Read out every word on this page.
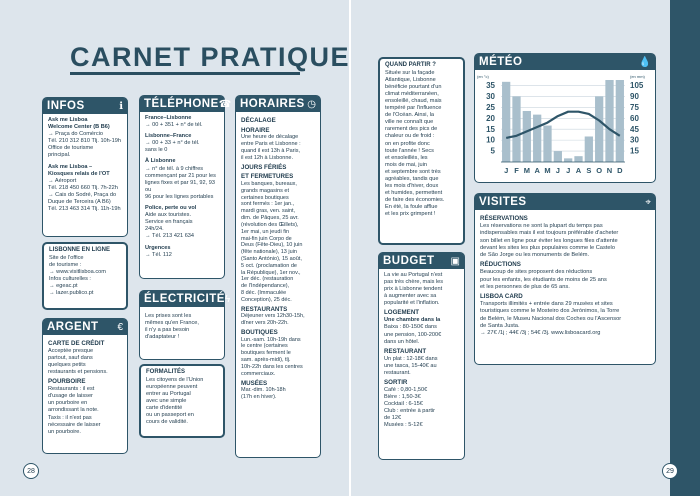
CARNET PRATIQUE
INFOS	ℹ
Ask me Lisboa
Welcome Center (B B6)
→ Praça do Comércio
Tél. 210 312 810 Tlj. 10h-19h
Office de tourisme
principal.
Ask me Lisboa –
Kiosques relais de l'OT
→ Aéroport
Tél. 218 450 660 Tlj. 7h-22h
→ Cais do Sodré, Praça do
Duque de Terceira (A B6)
Tél. 213 463 314 Tlj. 11h-19h
LISBONNE EN LIGNE
Site de l'office
de tourisme :
→ www.visitlisboa.com
Infos culturelles :
→ egeac.pt
→ lazer.publico.pt
ARGENT €
CARTE DE CRÉDIT
Acceptée presque
partout, sauf dans
quelques petits
restaurants et pensions.
POURBOIRE
Restaurants : il est
d'usage de laisser
un pourboire en
arrondissant la note.
Taxis : il n'est pas
nécessaire de laisser
un pourboire.
TÉLÉPHONE ☎
France–Lisbonne
→ 00 + 351 + n° de tél.
Lisbonne–France
→ 00 + 33 + n° de tél.
sans le 0
À Lisbonne
→ n° de tél. à 9 chiffres
commençant par 21 pour les
lignes fixes et par 91, 92, 93 ou
96 pour les lignes portables
Police, perte ou vol
Aide aux touristes.
Service en français
24h/24.
→ Tél. 213 421 634
Urgences
→ Tél. 112
ÉLECTRICITÉ ϟ
Les prises sont les
mêmes qu'en France,
il n'y a pas besoin
d'adaptateur !
FORMALITÉS
Les citoyens de l'Union
européenne peuvent
entrer au Portugal
avec une simple
carte d'identité
ou un passeport en
cours de validité.
HORAIRES ◷
DÉCALAGE
HORAIRE
Une heure de décalage
entre Paris et Lisbonne :
quand il est 13h à Paris,
il est 12h à Lisbonne.
JOURS FÉRIÉS
ET FERMETURES
Les banques, bureaux,
grands magasins et
certaines boutiques
sont fermés : 1er jan.,
mardi gras, ven. saint,
dim. de Pâques, 25 avr.
(révolution des Œillets),
1er mai, un jeudi fin
mai-fin juin Corpo de
Deus (Fête-Dieu), 10 juin
(fête nationale), 13 juin
(Santo António), 15 août,
5 oct. (proclamation de
la République), 1er nov.,
1er déc. (restauration
de l'Indépendance),
8 déc. (Immaculée
Conception), 25 déc.
RESTAURANTS
Déjeuner vers 12h30-15h,
dîner vers 20h-22h.
BOUTIQUES
Lun.-sam. 10h-19h dans
le centre (certaines
boutiques ferment le
sam. après-midi), tlj.
10h-22h dans les centres
commerciaux.
MUSÉES
Mar.-dim. 10h-18h
(17h en hiver).
QUAND PARTIR ?
Située sur la façade
Atlantique, Lisbonne
bénéficie pourtant d'un
climat méditerranéen,
ensoleillé, chaud, mais
tempéré par l'influence
de l'Océan. Ainsi, la
ville ne connaît que
rarement des pics de
chaleur ou de froid :
on en profite donc
toute l'année ! Secs
et ensoleillés, les
mois de mai, juin
et septembre sont très
agréables, tandis que
les mois d'hiver, doux
et humides, permettent
de faire des économies.
En été, la foule afflue
et les prix grimpent !
BUDGET ▣
La vie au Portugal n'est
pas très chère, mais les
prix à Lisbonne tendent
à augmenter avec sa
popularité et l'inflation.
LOGEMENT
Une chambre dans la
Baixa : 80-150€ dans
une pension, 100-200€
dans un hôtel.
RESTAURANT
Un plat : 12-18€ dans
une tasca, 15-40€ au
restaurant.
SORTIR
Café : 0,80-1,50€
Bière : 1,50-3€
Cocktail : 6-15€
Club : entrée à partir
de 12€
Musées : 5-12€
MÉTÉO	💧
(en °c)	(en mm)
35
30
25
20
15
10
5
105
90
75
60
45
30
15
J F M A M J J A S O N D
VISITES	⌖
RÉSERVATIONS
Les réservations ne sont la plupart du temps pas
indispensables mais il est toujours préférable d'acheter
son billet en ligne pour éviter les longues files d'attente
devant les sites les plus populaires comme le Castelo
de São Jorge ou les monuments de Belém.
RÉDUCTIONS
Beaucoup de sites proposent des réductions
pour les enfants, les étudiants de moins de 25 ans
et les personnes de plus de 65 ans.
LISBOA CARD
Transports illimités + entrée dans 29 musées et sites
touristiques comme le Mosteiro dos Jerónimos, la Torre
de Belém, le Museu Nacional dos Coches ou l'Ascensor
de Santa Justa.
→ 27€ /1j ; 44€ /3j ; 54€ /3j. www.lisboacard.org
28	29
